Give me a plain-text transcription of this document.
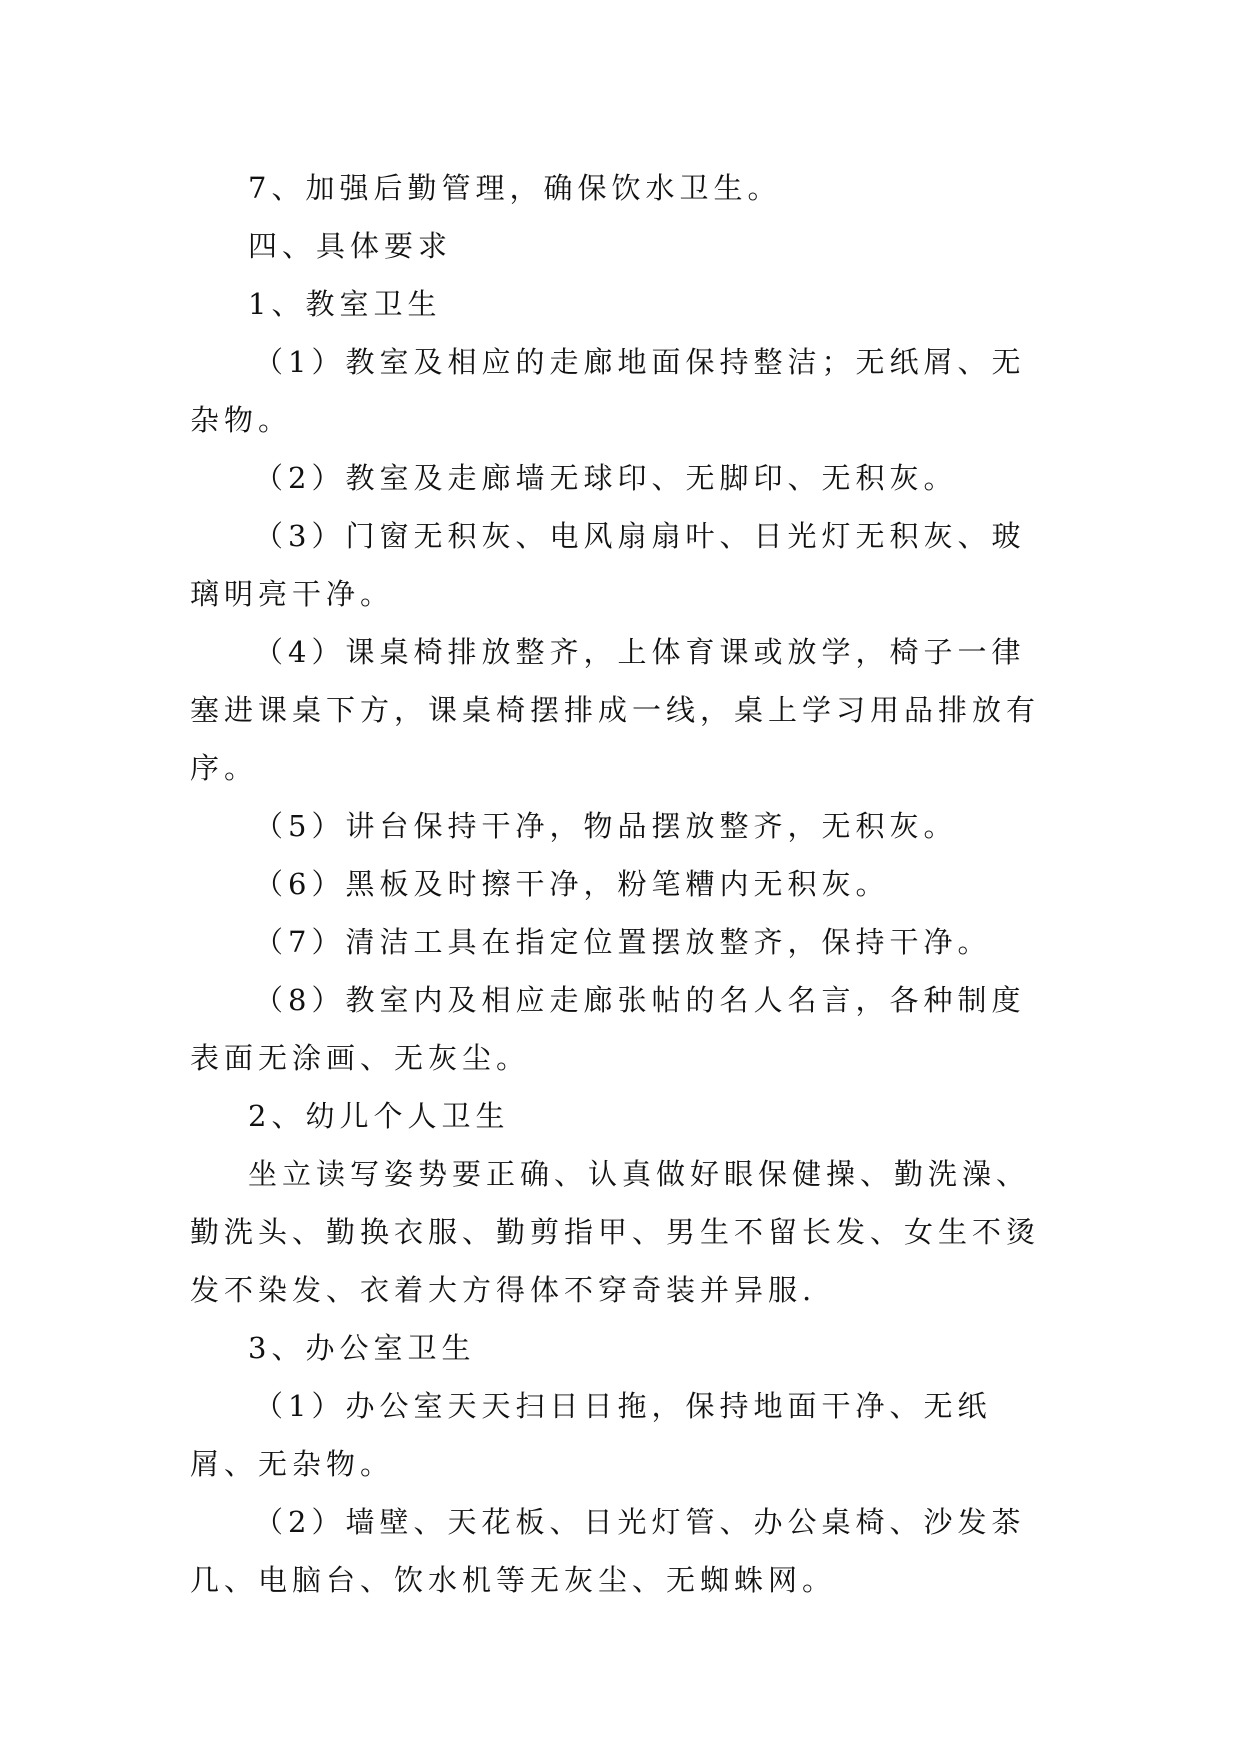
7、加强后勤管理，确保饮水卫生。

四、具体要求

1、教室卫生

（1）教室及相应的走廊地面保持整洁；无纸屑、无杂物。

（2）教室及走廊墙无球印、无脚印、无积灰。

（3）门窗无积灰、电风扇扇叶、日光灯无积灰、玻璃明亮干净。

（4）课桌椅排放整齐，上体育课或放学，椅子一律塞进课桌下方，课桌椅摆排成一线，桌上学习用品排放有序。

（5）讲台保持干净，物品摆放整齐，无积灰。

（6）黑板及时擦干净，粉笔糟内无积灰。

（7）清洁工具在指定位置摆放整齐，保持干净。

（8）教室内及相应走廊张帖的名人名言，各种制度表面无涂画、无灰尘。

2、幼儿个人卫生

坐立读写姿势要正确、认真做好眼保健操、勤洗澡、勤洗头、勤换衣服、勤剪指甲、男生不留长发、女生不烫发不染发、衣着大方得体不穿奇装并异服.

3、办公室卫生

（1）办公室天天扫日日拖，保持地面干净、无纸屑、无杂物。

（2）墙壁、天花板、日光灯管、办公桌椅、沙发茶几、电脑台、饮水机等无灰尘、无蜘蛛网。
